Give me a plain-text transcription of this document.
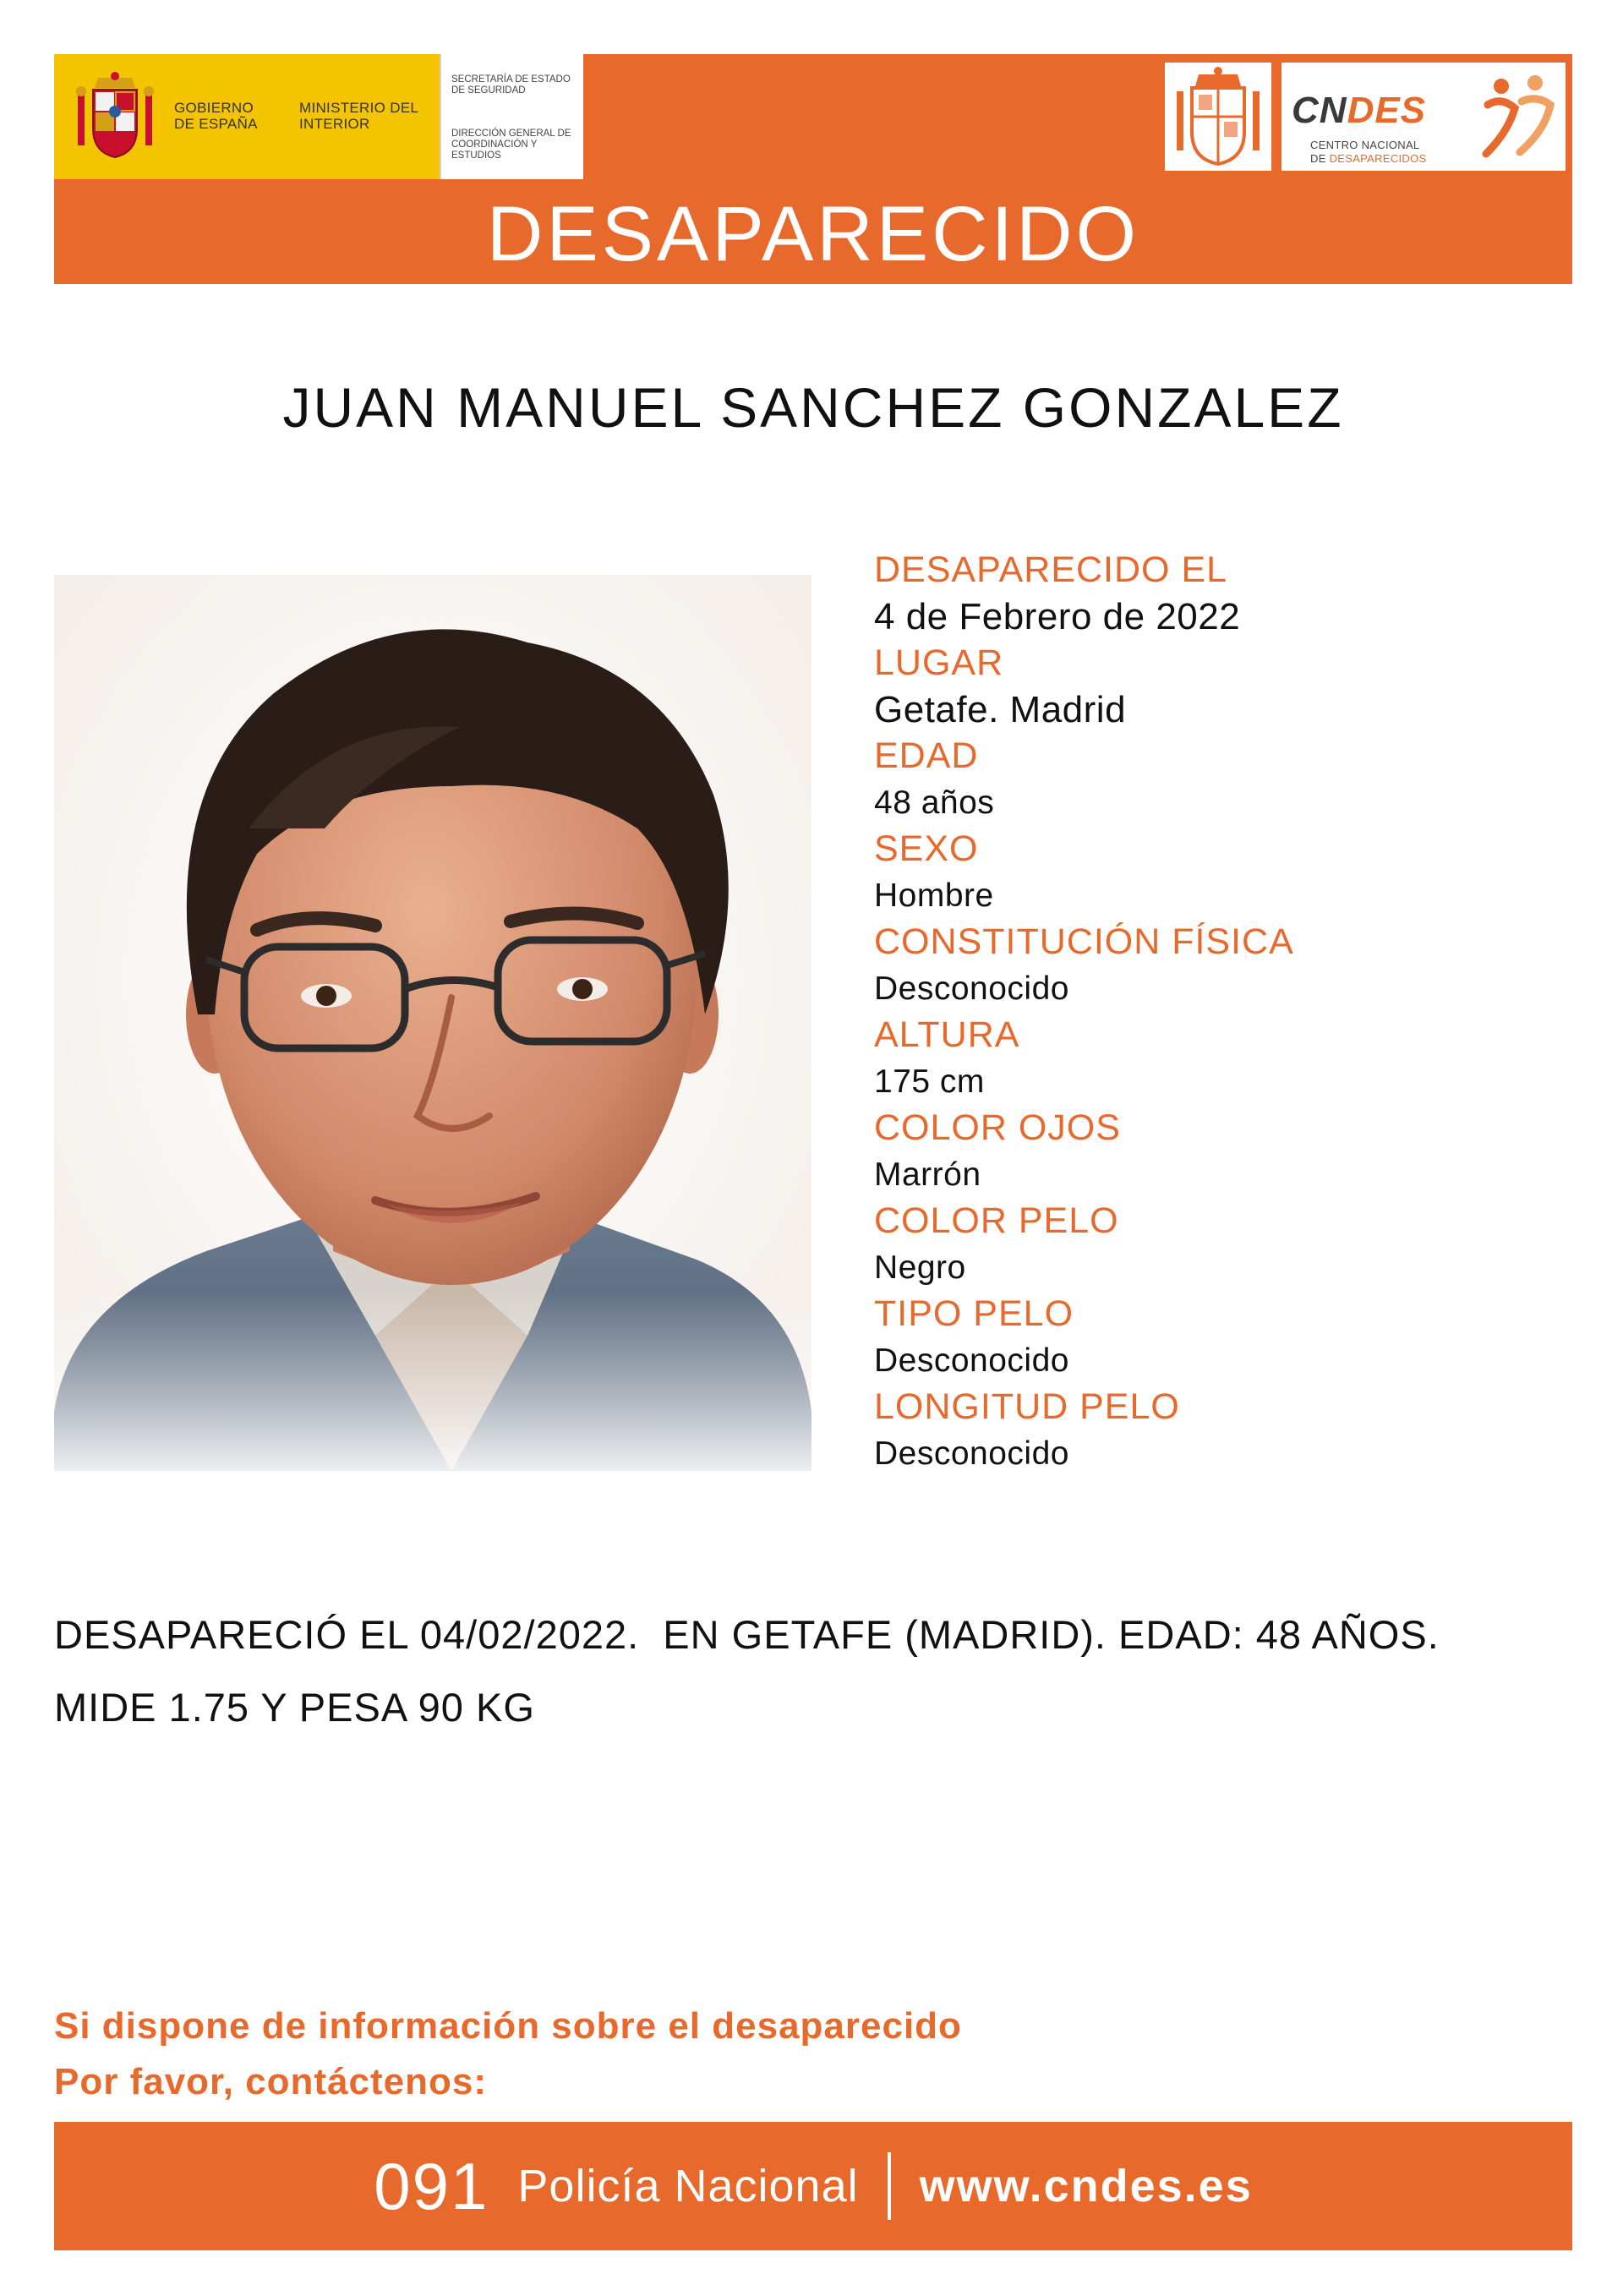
GOBIERNO DE ESPAÑA
MINISTERIO DEL INTERIOR
SECRETARÍA DE ESTADO DE SEGURIDAD
DIRECCIÓN GENERAL DE COORDINACIÓN Y ESTUDIOS
CNDES
CENTRO NACIONAL
DE DESAPARECIDOS
DESAPARECIDO
JUAN MANUEL SANCHEZ GONZALEZ
DESAPARECIDO EL
4 de Febrero de 2022
LUGAR
Getafe. Madrid
EDAD
48 años
SEXO
Hombre
CONSTITUCIÓN FÍSICA
Desconocido
ALTURA
175 cm
COLOR OJOS
Marrón
COLOR PELO
Negro
TIPO PELO
Desconocido
LONGITUD PELO
Desconocido
DESAPARECIÓ EL 04/02/2022.  EN GETAFE (MADRID). EDAD: 48 AÑOS.
MIDE 1.75 Y PESA 90 KG
Si dispone de información sobre el desaparecido
Por favor, contáctenos:
091 Policía Nacional www.cndes.es
